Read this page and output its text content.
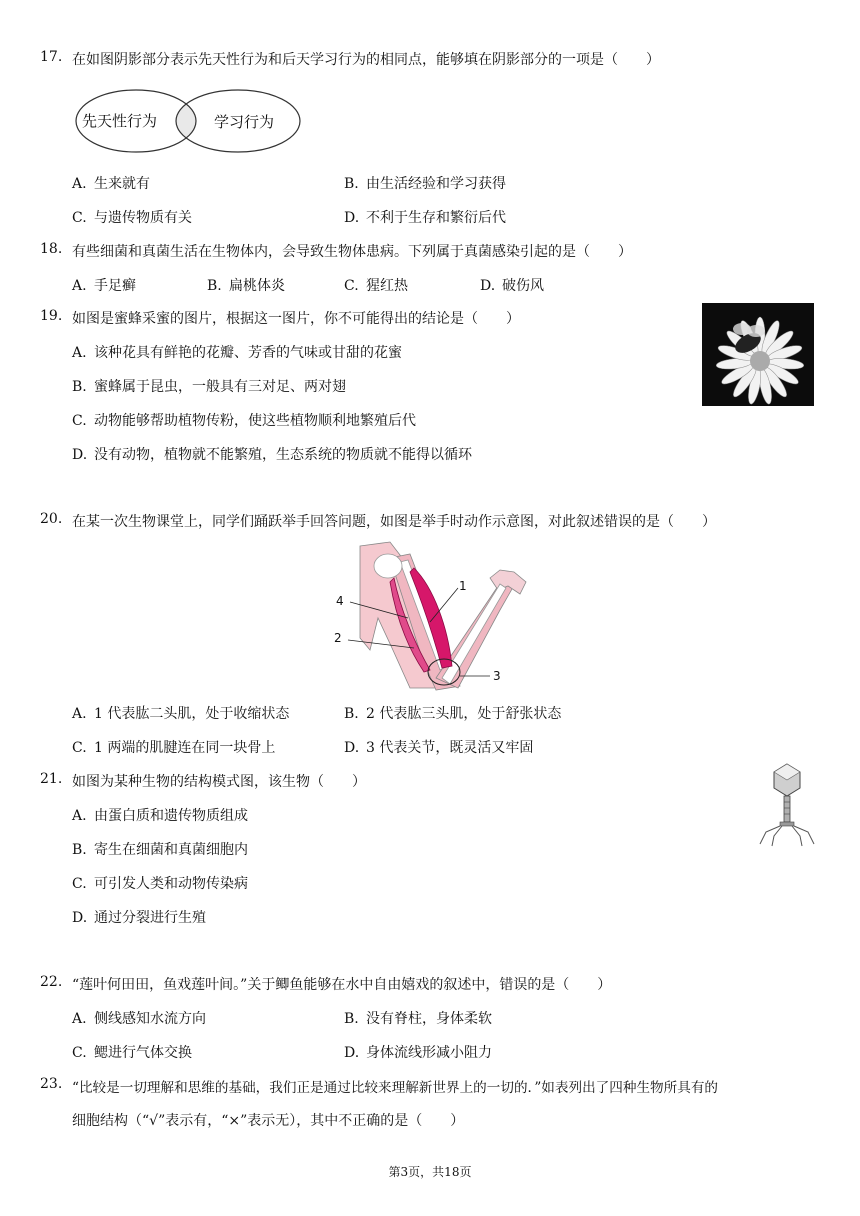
17. 在如图阴影部分表示先天性行为和后天学习行为的相同点，能够填在阴影部分的一项是（　　）
先天性行为	学习行为
A. 生来就有	B. 由生活经验和学习获得
C. 与遗传物质有关	D. 不利于生存和繁衍后代
18. 有些细菌和真菌生活在生物体内，会导致生物体患病。下列属于真菌感染引起的是（　　）
A. 手足癣	B. 扁桃体炎	C. 猩红热	D. 破伤风
19. 如图是蜜蜂采蜜的图片，根据这一图片，你不可能得出的结论是（　　）
A. 该种花具有鲜艳的花瓣、芳香的气味或甘甜的花蜜
B. 蜜蜂属于昆虫，一般具有三对足、两对翅
C. 动物能够帮助植物传粉，使这些植物顺利地繁殖后代
D. 没有动物，植物就不能繁殖，生态系统的物质就不能得以循环
20. 在某一次生物课堂上，同学们踊跃举手回答问题，如图是举手时动作示意图，对此叙述错误的是（　　）
1
2
3
4
A. 1 代表肱二头肌，处于收缩状态	B. 2 代表肱三头肌，处于舒张状态
C. 1 两端的肌腱连在同一块骨上	D. 3 代表关节，既灵活又牢固
21. 如图为某种生物的结构模式图，该生物（　　）
A. 由蛋白质和遗传物质组成
B. 寄生在细菌和真菌细胞内
C. 可引发人类和动物传染病
D. 通过分裂进行生殖
22. “莲叶何田田，鱼戏莲叶间。”关于鲫鱼能够在水中自由嬉戏的叙述中，错误的是（　　）
A. 侧线感知水流方向	B. 没有脊柱，身体柔软
C. 鳃进行气体交换	D. 身体流线形减小阻力
23. “比较是一切理解和思维的基础，我们正是通过比较来理解新世界上的一切的．”如表列出了四种生物所具有的
细胞结构（“√”表示有，“×”表示无），其中不正确的是（　　）
第3页，共18页
